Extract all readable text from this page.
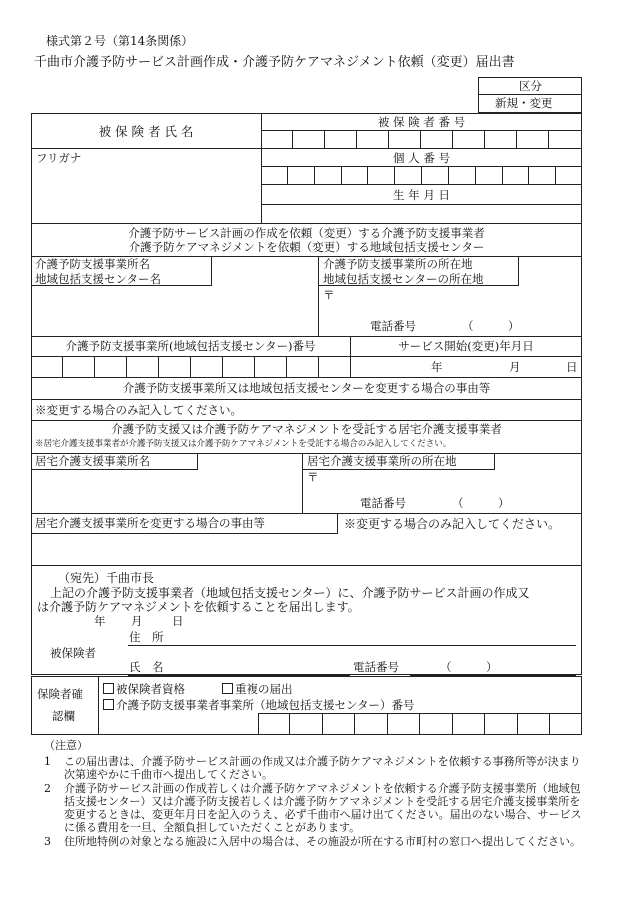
様式第２号（第14条関係）
千曲市介護予防サービス計画作成・介護予防ケアマネジメント依頼（変更）届出書
区分
新規・変更
被 保 険 者 氏 名
被 保 険 者 番 号
フリガナ	個 人 番 号
生 年 月 日
介護予防サービス計画の作成を依頼（変更）する介護予防支援事業者
介護予防ケアマネジメントを依頼（変更）する地域包括支援センター
介護予防支援事業所名
地域包括支援センター名
介護予防支援事業所の所在地
地域包括支援センターの所在地
〒
電話番号	（　　　）
介護予防支援事業所(地域包括支援センター)番号	サービス開始(変更)年月日
年	月	日
介護予防支援事業所又は地域包括支援センターを変更する場合の事由等
※変更する場合のみ記入してください。
介護予防支援又は介護予防ケアマネジメントを受託する居宅介護支援事業者
※居宅介護支援事業者が介護予防支援又は介護予防ケアマネジメントを受託する場合のみ記入してください。
居宅介護支援事業所名	居宅介護支援事業所の所在地
〒
電話番号	（　　　）
居宅介護支援事業所を変更する場合の事由等	※変更する場合のみ記入してください。
（宛先）千曲市長
上記の介護予防支援事業者（地域包括支援センター）に、介護予防サービス計画の作成又
は介護予防ケアマネジメントを依頼することを届出します。
年 月	日
住　所
被保険者
氏　名	電話番号	（　　　）
保険者確
認欄
被保険者資格	重複の届出
介護予防支援事業者事業所（地域包括支援センター）番号
（注意）
1 この届出書は、介護予防サービス計画の作成又は介護予防ケアマネジメントを依頼する事務所等が決まり次第速やかに千曲市へ提出してください。
2 介護予防サービス計画の作成若しくは介護予防ケアマネジメントを依頼する介護予防支援事業所（地域包括支援センター）又は介護予防支援若しくは介護予防ケアマネジメントを受託する居宅介護支援事業所を変更するときは、変更年月日を記入のうえ、必ず千曲市へ届け出てください。届出のない場合、サービスに係る費用を一旦、全額負担していただくことがあります。
3 住所地特例の対象となる施設に入居中の場合は、その施設が所在する市町村の窓口へ提出してください。
